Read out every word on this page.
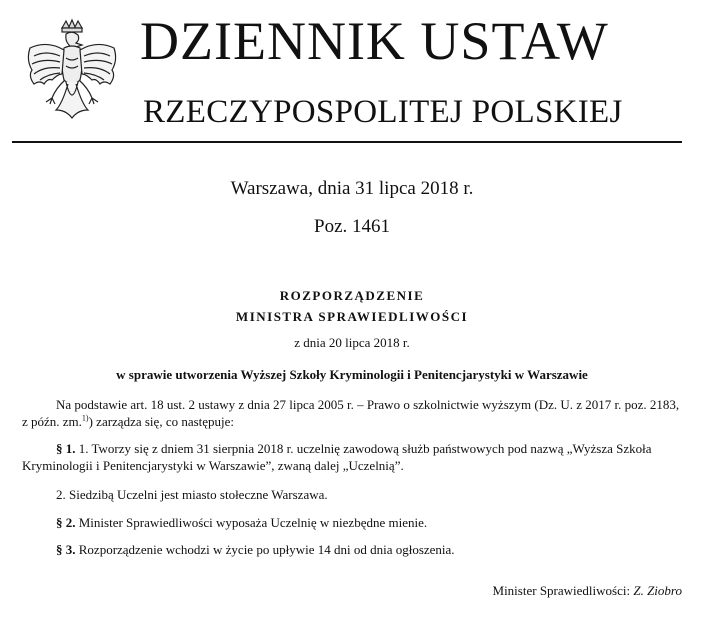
DZIENNIK USTAW
RZECZYPOSPOLITEJ POLSKIEJ
Warszawa, dnia 31 lipca 2018 r.
Poz. 1461
ROZPORZĄDZENIE
MINISTRA SPRAWIEDLIWOŚCI
z dnia 20 lipca 2018 r.
w sprawie utworzenia Wyższej Szkoły Kryminologii i Penitencjarystyki w Warszawie
Na podstawie art. 18 ust. 2 ustawy z dnia 27 lipca 2005 r. – Prawo o szkolnictwie wyższym (Dz. U. z 2017 r. poz. 2183, z późn. zm.$^{1)}$) zarządza się, co następuje:
§ 1. 1. Tworzy się z dniem 31 sierpnia 2018 r. uczelnię zawodową służb państwowych pod nazwą „Wyższa Szkoła Kryminologii i Penitencjarystyki w Warszawie”, zwaną dalej „Uczelnią”.
2. Siedzibą Uczelni jest miasto stołeczne Warszawa.
§ 2. Minister Sprawiedliwości wyposaża Uczelnię w niezbędne mienie.
§ 3. Rozporządzenie wchodzi w życie po upływie 14 dni od dnia ogłoszenia.
Minister Sprawiedliwości: Z. Ziobro
